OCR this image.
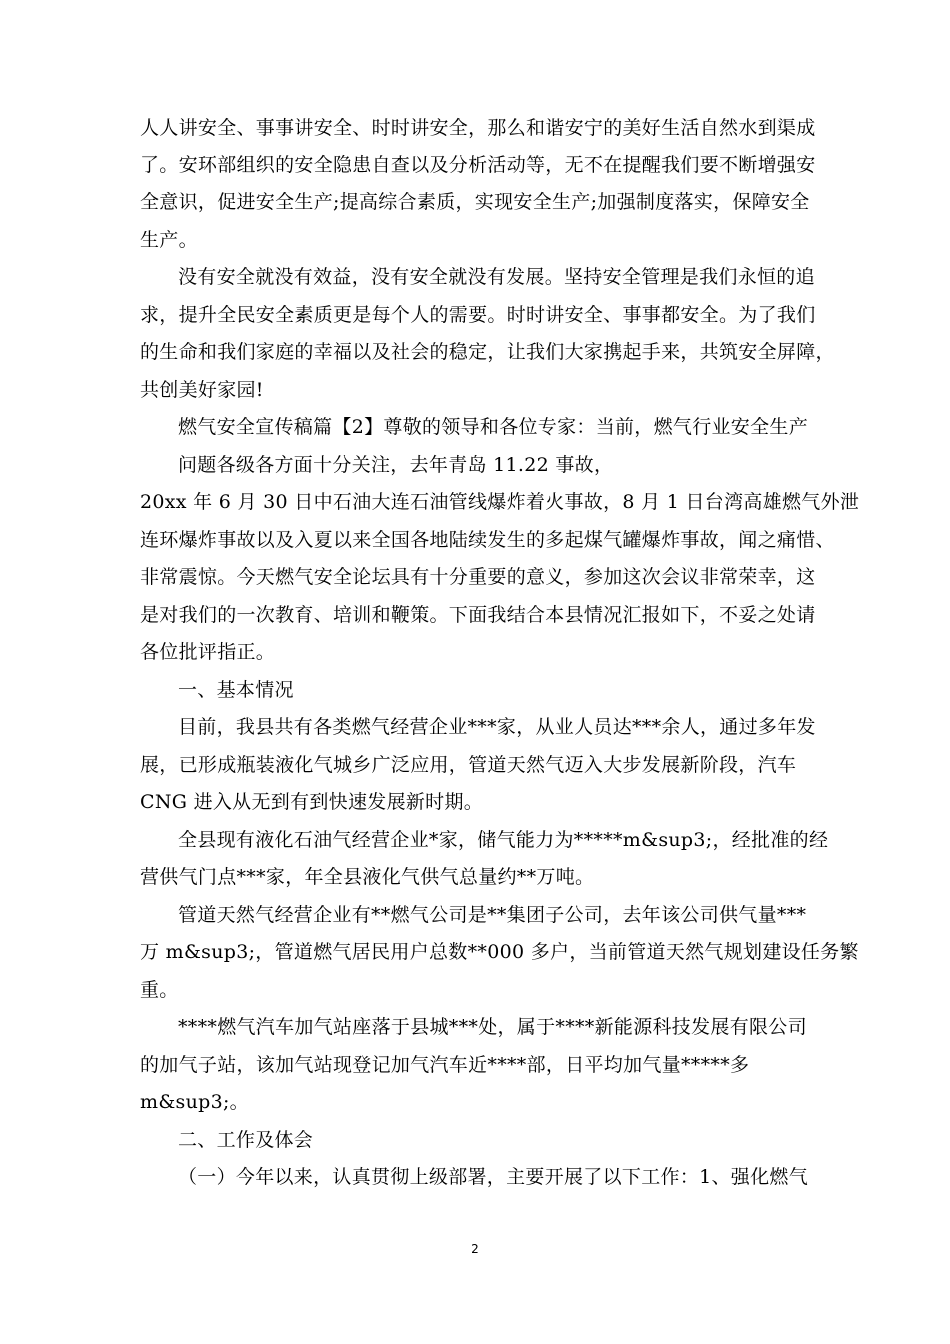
人人讲安全、事事讲安全、时时讲安全，那么和谐安宁的美好生活自然水到渠成
了。安环部组织的安全隐患自查以及分析活动等，无不在提醒我们要不断增强安
全意识，促进安全生产;提高综合素质，实现安全生产;加强制度落实，保障安全
生产。
没有安全就没有效益，没有安全就没有发展。坚持安全管理是我们永恒的追
求，提升全民安全素质更是每个人的需要。时时讲安全、事事都安全。为了我们
的生命和我们家庭的幸福以及社会的稳定，让我们大家携起手来，共筑安全屏障，
共创美好家园!
燃气安全宣传稿篇【2】尊敬的领导和各位专家：当前，燃气行业安全生产
问题各级各方面十分关注，去年青岛 11.22 事故，
20xx 年 6 月 30 日中石油大连石油管线爆炸着火事故，8 月 1 日台湾高雄燃气外泄
连环爆炸事故以及入夏以来全国各地陆续发生的多起煤气罐爆炸事故，闻之痛惜、
非常震惊。今天燃气安全论坛具有十分重要的意义，参加这次会议非常荣幸，这
是对我们的一次教育、培训和鞭策。下面我结合本县情况汇报如下，不妥之处请
各位批评指正。
一、基本情况
目前，我县共有各类燃气经营企业***家，从业人员达***余人，通过多年发
展，已形成瓶装液化气城乡广泛应用，管道天然气迈入大步发展新阶段，汽车
CNG 进入从无到有到快速发展新时期。
全县现有液化石油气经营企业*家，储气能力为*****m&sup3;，经批准的经
营供气门点***家，年全县液化气供气总量约**万吨。
管道天然气经营企业有**燃气公司是**集团子公司，去年该公司供气量***
万 m&sup3;，管道燃气居民用户总数**000 多户，当前管道天然气规划建设任务繁
重。
****燃气汽车加气站座落于县城***处，属于****新能源科技发展有限公司
的加气子站，该加气站现登记加气汽车近****部，日平均加气量*****多
m&sup3;。
二、工作及体会
（一）今年以来，认真贯彻上级部署，主要开展了以下工作：1、强化燃气
2
